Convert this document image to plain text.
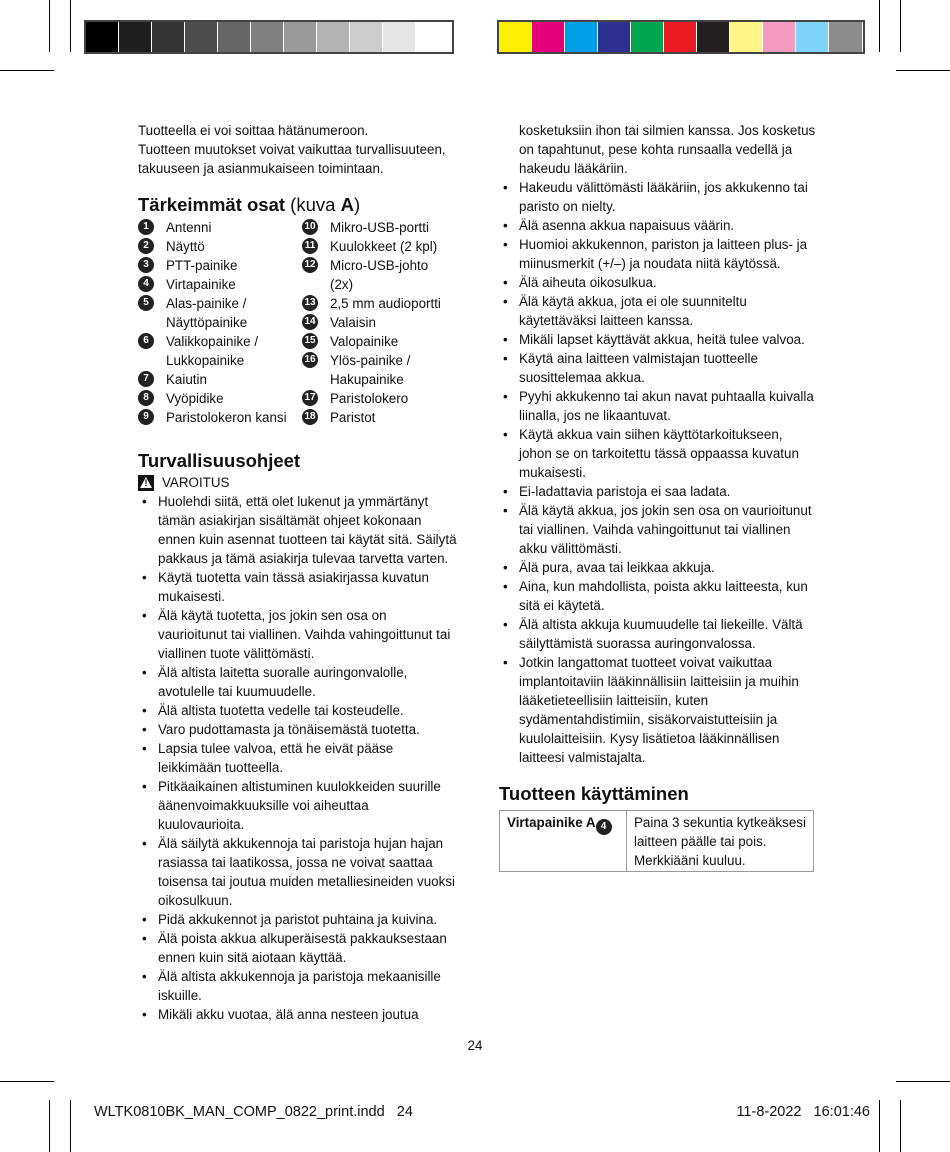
Tuotteella ei voi soittaa hätänumeroon.

Tuotteen muutokset voivat vaikuttaa turvallisuuteen, takuuseen ja asianmukaiseen toimintaan.

Tärkeimmät osat (kuva A)
1	Antenni
2	Näyttö
3	PTT-painike
4	Virtapainike
5	Alas-painike / Näyttöpainike
6	Valikkopainike / Lukkopainike
7	Kaiutin
8	Vyöpidike
9	Paristolokeron kansi
10 Mikro-USB-portti
11 Kuulokkeet (2 kpl)
12 Micro-USB-johto (2x)
13 2,5 mm audioportti
14 Valaisin
15 Valopainike
16 Ylös-painike / Hakupainike
17 Paristolokero
18 Paristot
Turvallisuusohjeet
!
VAROITUS
• Huolehdi siitä, että olet lukenut ja ymmärtänyt tämän asiakirjan sisältämät ohjeet kokonaan ennen kuin asennat tuotteen tai käytät sitä. Säilytä pakkaus ja tämä asiakirja tulevaa tarvetta varten.
• Käytä tuotetta vain tässä asiakirjassa kuvatun mukaisesti.
• Älä käytä tuotetta, jos jokin sen osa on vaurioitunut tai viallinen. Vaihda vahingoittunut tai viallinen tuote välittömästi.
• Älä altista laitetta suoralle auringonvalolle, avotulelle tai kuumuudelle.
• Älä altista tuotetta vedelle tai kosteudelle.
• Varo pudottamasta ja tönäisemästä tuotetta.
• Lapsia tulee valvoa, että he eivät pääse leikkimään tuotteella.
• Pitkäaikainen altistuminen kuulokkeiden suurille äänenvoimakkuuksille voi aiheuttaa kuulovaurioita.
• Älä säilytä akkukennoja tai paristoja hujan hajan rasiassa tai laatikossa, jossa ne voivat saattaa toisensa tai joutua muiden metalliesineiden vuoksi oikosulkuun.
• Pidä akkukennot ja paristot puhtaina ja kuivina.
• Älä poista akkua alkuperäisestä pakkauksestaan ennen kuin sitä aiotaan käyttää.
• Älä altista akkukennoja ja paristoja mekaanisille iskuille.
• Mikäli akku vuotaa, älä anna nesteen joutua

kosketuksiin ihon tai silmien kanssa. Jos kosketus on tapahtunut, pese kohta runsaalla vedellä ja hakeudu lääkäriin.

• Hakeudu välittömästi lääkäriin, jos akkukenno tai paristo on nielty.
• Älä asenna akkua napaisuus väärin.
• Huomioi akkukennon, pariston ja laitteen plus- ja miinusmerkit (+/–) ja noudata niitä käytössä.
• Älä aiheuta oikosulkua.
• Älä käytä akkua, jota ei ole suunniteltu käytettäväksi laitteen kanssa.
• Mikäli lapset käyttävät akkua, heitä tulee valvoa.
• Käytä aina laitteen valmistajan tuotteelle suosittelemaa akkua.
• Pyyhi akkukenno tai akun navat puhtaalla kuivalla liinalla, jos ne likaantuvat.
• Käytä akkua vain siihen käyttötarkoitukseen, johon se on tarkoitettu tässä oppaassa kuvatun mukaisesti.
• Ei-ladattavia paristoja ei saa ladata.
• Älä käytä akkua, jos jokin sen osa on vaurioitunut tai viallinen. Vaihda vahingoittunut tai viallinen akku välittömästi.
• Älä pura, avaa tai leikkaa akkuja.
• Aina, kun mahdollista, poista akku laitteesta, kun sitä ei käytetä.
• Älä altista akkuja kuumuudelle tai liekeille. Vältä säilyttämistä suorassa auringonvalossa.
• Jotkin langattomat tuotteet voivat vaikuttaa implantoitaviin lääkinnällisiin laitteisiin ja muihin lääketieteellisiin laitteisiin, kuten sydämentahdistimiin, sisäkorvaistutteisiin ja kuulolaitteisiin. Kysy lisätietoa lääkinnällisen laitteesi valmistajalta.
Tuotteen käyttäminen
Virtapainike A 4	Paina 3 sekuntia kytkeäksesi laitteen päälle tai pois. Merkkiääni kuuluu.
24
WLTK0810BK_MAN_COMP_0822_print.indd   24	11-8-2022   16:01:46
